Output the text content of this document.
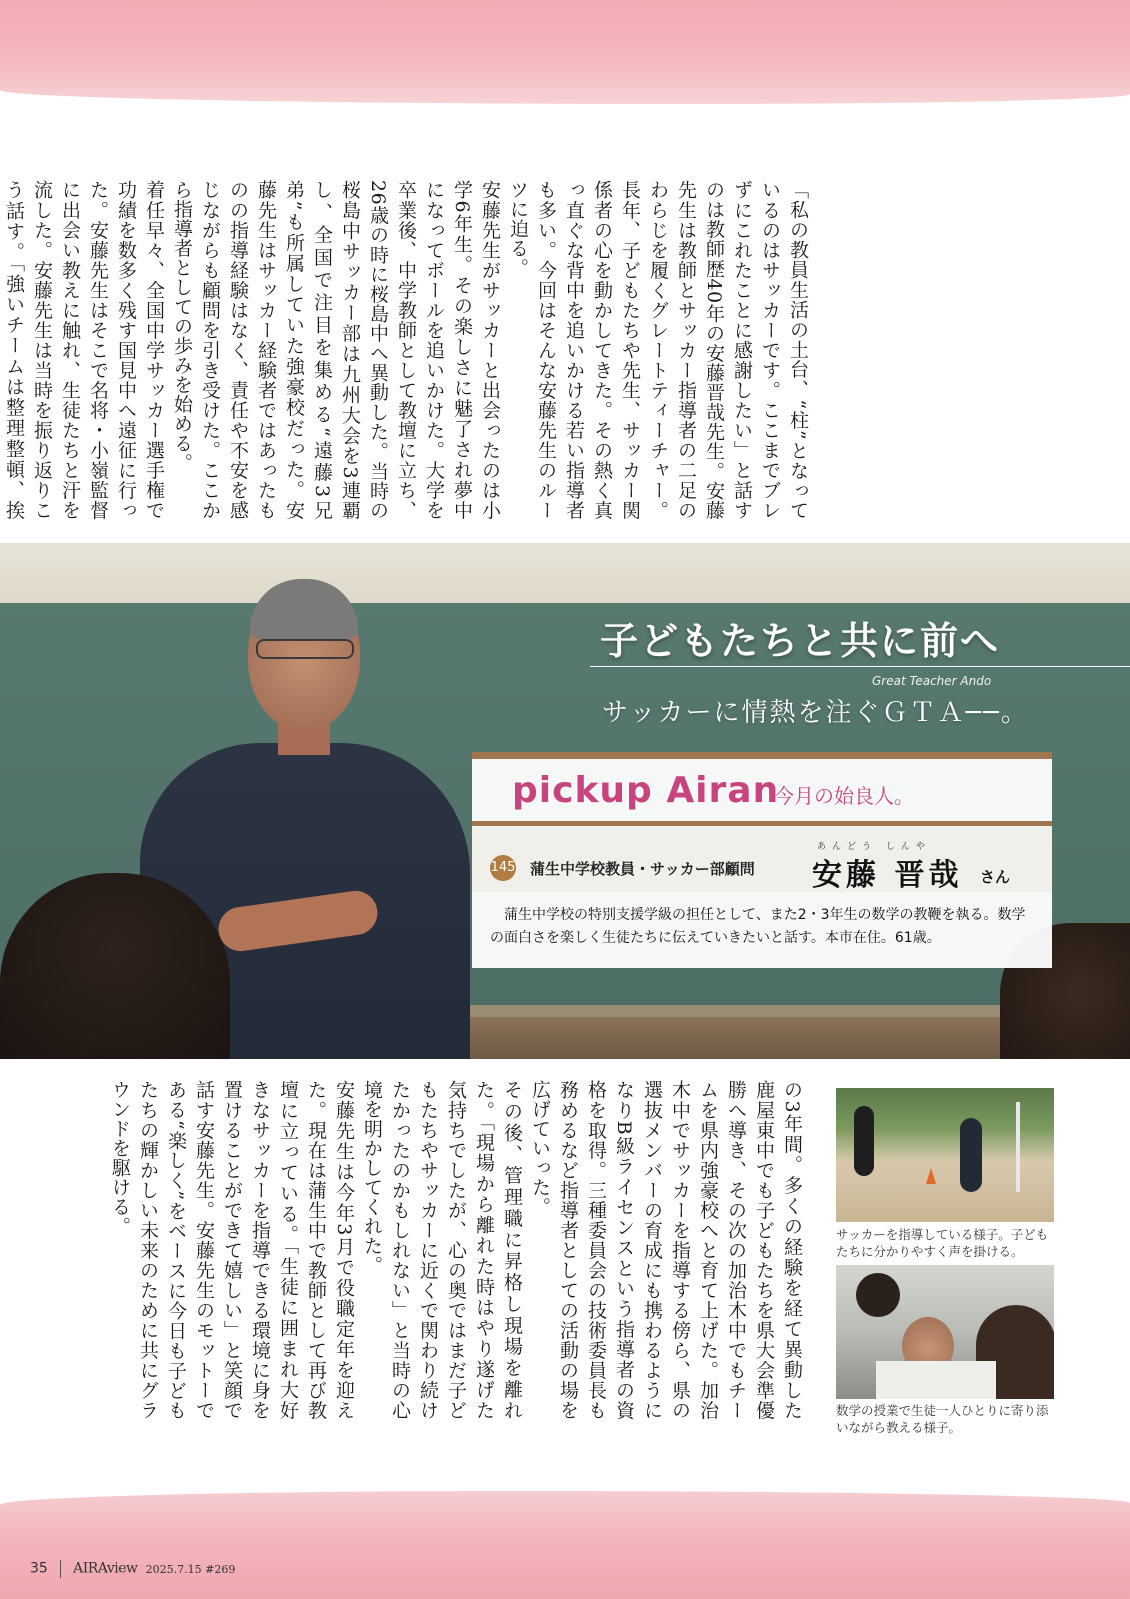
「私の教員生活の土台、“柱”となっているのはサッカーです。ここまでブレずにこれたことに感謝したい」と話すのは教師歴40年の安藤晋哉先生。安藤先生は教師とサッカー指導者の二足のわらじを履くグレートティーチャー。長年、子どもたちや先生、サッカー関係者の心を動かしてきた。その熱く真っ直ぐな背中を追いかける若い指導者も多い。今回はそんな安藤先生のルーツに迫る。
安藤先生がサッカーと出会ったのは小学6年生。その楽しさに魅了され夢中になってボールを追いかけた。大学を卒業後、中学教師として教壇に立ち、26歳の時に桜島中へ異動した。当時の桜島中サッカー部は九州大会を3連覇し、全国で注目を集める“遠藤3兄弟”も所属していた強豪校だった。安藤先生はサッカー経験者ではあったものの指導経験はなく、責任や不安を感じながらも顧問を引き受けた。ここから指導者としての歩みを始める。
着任早々、全国中学サッカー選手権で功績を数多く残す国見中へ遠征に行った。安藤先生はそこで名将・小嶺監督に出会い教えに触れ、生徒たちと汗を流した。安藤先生は当時を振り返りこう話す。「強いチームは整理整頓、挨

子どもたちと共に前へ
Great Teacher Ando
サッカーに情熱を注ぐＧＴＡ──。
pickup Airan
今月の始良人。
145 蒲生中学校教員・サッカー部顧問
あんどう しんや
安藤 晋哉 さん
蒲生中学校の特別支援学級の担任として、また2・3年生の数学の教鞭を執る。数学の面白さを楽しく生徒たちに伝えていきたいと話す。本市在住。61歳。
の3年間。多くの経験を経て異動した鹿屋東中でも子どもたちを県大会準優勝へ導き、その次の加治木中でもチームを県内強豪校へと育て上げた。加治木中でサッカーを指導する傍ら、県の選抜メンバーの育成にも携わるようになりB級ライセンスという指導者の資格を取得。三種委員会の技術委員長も務めるなど指導者としての活動の場を広げていった。
その後、管理職に昇格し現場を離れた。「現場から離れた時はやり遂げた気持ちでしたが、心の奥ではまだ子どもたちやサッカーに近くで関わり続けたかったのかもしれない」と当時の心境を明かしてくれた。
安藤先生は今年3月で役職定年を迎えた。現在は蒲生中で教師として再び教壇に立っている。「生徒に囲まれ大好きなサッカーを指導できる環境に身を置けることができて嬉しい」と笑顔で話す安藤先生。安藤先生のモットーである“楽しく”をベースに今日も子どもたちの輝かしい未来のために共にグラウンドを駆ける。	サッカーを指導している様子。子どもたちに分かりやすく声を掛ける。
数学の授業で生徒一人ひとりに寄り添いながら教える様子。
35 AIRAview 2025.7.15 #269
